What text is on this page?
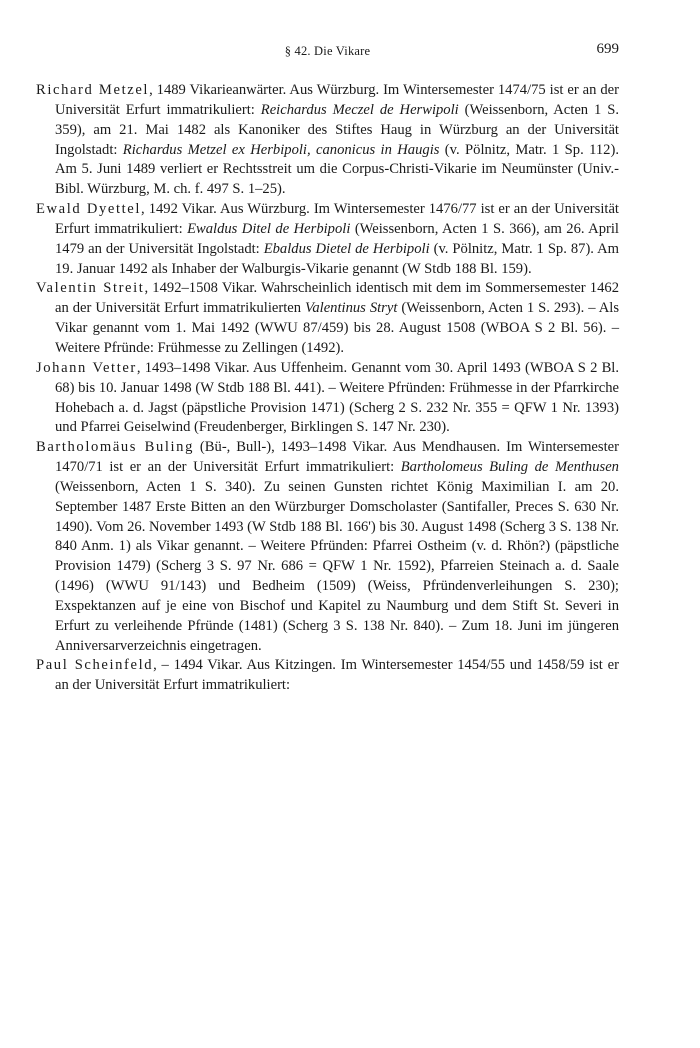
§ 42. Die Vikare	699

Richard Metzel, 1489 Vikarieanwärter. Aus Würzburg. Im Wintersemester 1474/75 ist er an der Universität Erfurt immatrikuliert: Reichardus Meczel de Herwipoli (Weissenborn, Acten 1 S. 359), am 21. Mai 1482 als Kanoniker des Stiftes Haug in Würzburg an der Universität Ingolstadt: Richardus Metzel ex Herbipoli, canonicus in Haugis (v. Pölnitz, Matr. 1 Sp. 112). Am 5. Juni 1489 verliert er Rechtsstreit um die Corpus-Christi-Vikarie im Neumünster (Univ.-Bibl. Würzburg, M. ch. f. 497 S. 1–25).

Ewald Dyettel, 1492 Vikar. Aus Würzburg. Im Wintersemester 1476/77 ist er an der Universität Erfurt immatrikuliert: Ewaldus Ditel de Herbipoli (Weissenborn, Acten 1 S. 366), am 26. April 1479 an der Universität Ingolstadt: Ebaldus Dietel de Herbipoli (v. Pölnitz, Matr. 1 Sp. 87). Am 19. Januar 1492 als Inhaber der Walburgis-Vikarie genannt (W Stdb 188 Bl. 159).

Valentin Streit, 1492–1508 Vikar. Wahrscheinlich identisch mit dem im Sommersemester 1462 an der Universität Erfurt immatrikulierten Valentinus Stryt (Weissenborn, Acten 1 S. 293). – Als Vikar genannt vom 1. Mai 1492 (WWU 87/459) bis 28. August 1508 (WBOA S 2 Bl. 56). – Weitere Pfründe: Frühmesse zu Zellingen (1492).

Johann Vetter, 1493–1498 Vikar. Aus Uffenheim. Genannt vom 30. April 1493 (WBOA S 2 Bl. 68) bis 10. Januar 1498 (W Stdb 188 Bl. 441). – Weitere Pfründen: Frühmesse in der Pfarrkirche Hohebach a. d. Jagst (päpstliche Provision 1471) (Scherg 2 S. 232 Nr. 355 = QFW 1 Nr. 1393) und Pfarrei Geiselwind (Freudenberger, Birklingen S. 147 Nr. 230).

Bartholomäus Buling (Bü-, Bull-), 1493–1498 Vikar. Aus Mendhausen. Im Wintersemester 1470/71 ist er an der Universität Erfurt immatrikuliert: Bartholomeus Buling de Menthusen (Weissenborn, Acten 1 S. 340). Zu seinen Gunsten richtet König Maximilian I. am 20. September 1487 Erste Bitten an den Würzburger Domscholaster (Santifaller, Preces S. 630 Nr. 1490). Vom 26. November 1493 (W Stdb 188 Bl. 166') bis 30. August 1498 (Scherg 3 S. 138 Nr. 840 Anm. 1) als Vikar genannt. – Weitere Pfründen: Pfarrei Ostheim (v. d. Rhön?) (päpstliche Provision 1479) (Scherg 3 S. 97 Nr. 686 = QFW 1 Nr. 1592), Pfarreien Steinach a. d. Saale (1496) (WWU 91/143) und Bedheim (1509) (Weiss, Pfründenverleihungen S. 230); Exspektanzen auf je eine von Bischof und Kapitel zu Naumburg und dem Stift St. Severi in Erfurt zu verleihende Pfründe (1481) (Scherg 3 S. 138 Nr. 840). – Zum 18. Juni im jüngeren Anniversarverzeichnis eingetragen.

Paul Scheinfeld, – 1494 Vikar. Aus Kitzingen. Im Wintersemester 1454/55 und 1458/59 ist er an der Universität Erfurt immatrikuliert:
